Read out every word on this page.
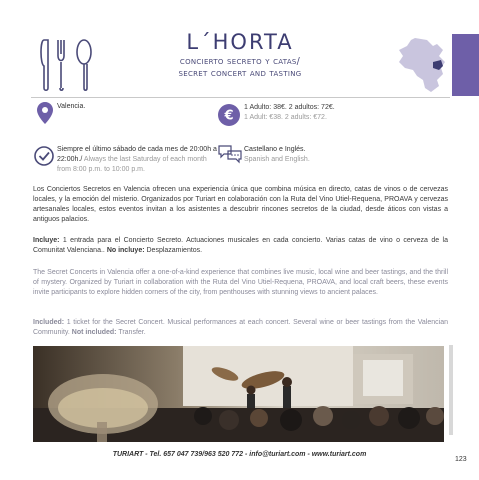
L´HORTA
concierto secreto y catas/
secret concert and tasting
Valencia.
€
1 Adulto: 38€. 2 adultos: 72€.
1 Adult: €38. 2 adults: €72.
Siempre el último sábado de cada mes de 20:00h a 22:00h./ Always the last Saturday of each month from 8:00 p.m. to 10:00 p.m.
Castellano e Inglés.
Spanish and English.
Los Conciertos Secretos en Valencia ofrecen una experiencia única que combina música en directo, catas de vinos o de cervezas locales, y la emoción del misterio. Organizados por Turiart en colaboración con la Ruta del Vino Utiel-Requena, PROAVA y cervezas artesanales locales, estos eventos invitan a los asistentes a descubrir rincones secretos de la ciudad, desde áticos con vistas a antiguos palacios.
Incluye: 1 entrada para el Concierto Secreto. Actuaciones musicales en cada concierto. Varias catas de vino o cerveza de la Comunitat Valenciana.. No incluye: Desplazamientos.
The Secret Concerts in Valencia offer a one-of-a-kind experience that combines live music, local wine and beer tastings, and the thrill of mystery. Organized by Turiart in collaboration with the Ruta del Vino Utiel-Requena, PROAVA, and local craft beers, these events invite participants to explore hidden corners of the city, from penthouses with stunning views to ancient palaces.
Included: 1 ticket for the Secret Concert. Musical performances at each concert. Several wine or beer tastings from the Valencian Community. Not included: Transfer.
TURIART - Tel. 657 047 739/963 520 772 - info@turiart.com - www.turiart.com
123
